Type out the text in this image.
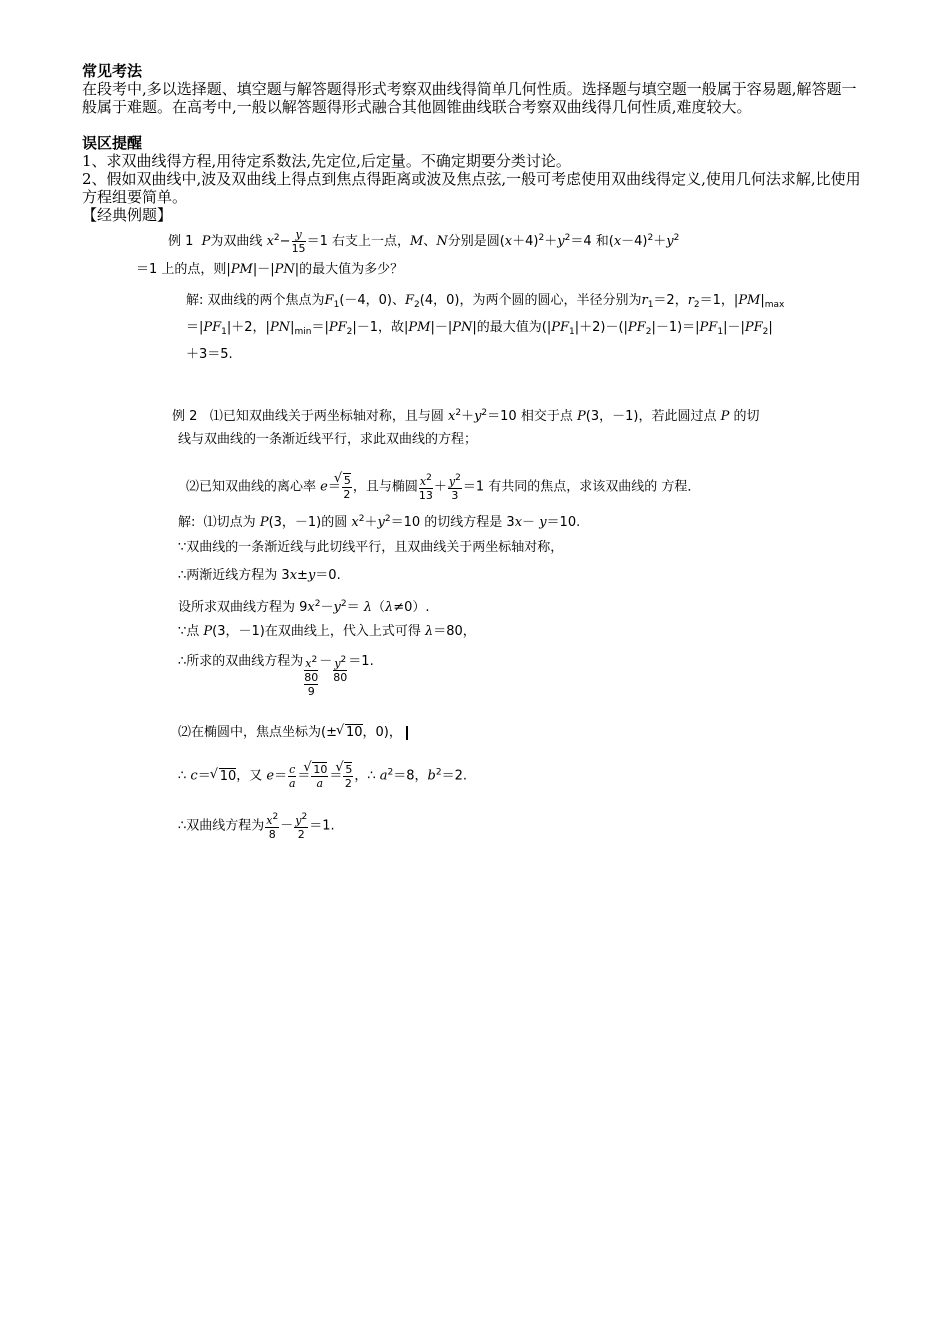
常见考法
在段考中,多以选择题、填空题与解答题得形式考察双曲线得简单几何性质。选择题与填空题一般属于容易题,解答题一般属于难题。在高考中,一般以解答题得形式融合其他圆锥曲线联合考察双曲线得几何性质,难度较大。
误区提醒
1、求双曲线得方程,用待定系数法,先定位,后定量。不确定期要分类讨论。
2、假如双曲线中,波及双曲线上得点到焦点得距离或波及焦点弦,一般可考虑使用双曲线得定义,使用几何法求解,比使用方程组要简单。
【经典例题】
例 1 P为双曲线 $x^2- \frac{y}{15} =1$ 右支上一点，M、N分别是圆$(x+4)^2+y^2=4$ 和$(x-4)^2+y^2$
＝1 上的点，则|PM|－|PN|的最大值为多少？
解: 双曲线的两个焦点为$F_1(-4$，0)、$F_2(4$，0)，为两个圆的圆心，半径分别为$r_1=2$，$r_2=1$，$|PM|_{max}$
$=|PF_1|+2$，$|PN|_{min}=|PF_2|-1$，故|PM|－|PN|的最大值为$(|PF_1|+2)-(|PF_2|-1)=|PF_1|-|PF_2|$
＋3＝5.
例 2 ⑴已知双曲线关于两坐标轴对称，且与圆 $x^2+y^2=10$ 相交于点 P(3，－1)，若此圆过点 P 的切
线与双曲线的一条渐近线平行，求此双曲线的方程；
⑵已知双曲线的离心率 e＝ √ $\frac{5}{2}$ ，且与椭圆 $\frac{x^2}{13} + \frac{y^2}{3} =1$ 有共同的焦点，求该双曲线的 方程．
解: ⑴切点为 P(3，－1)的圆 $x^2+y^2=10$ 的切线方程是 3x－ y＝10.
∵双曲线的一条渐近线与此切线平行，且双曲线关于两坐标轴对称，
∴两渐近线方程为 3x±y＝0.
设所求双曲线方程为 $9x^2-y^2= \lambda(\lambda\ne 0)$.
∵点 P(3，－1)在双曲线上，代入上式可得 λ＝80，
∴所求的双曲线方程为 $x^2$
80
9
－ $\frac{y^2}{80} =1$.
⑵在椭圆中，焦点坐标为(± √ 10，0)，
∴ c＝ √ 10，又 $e= \frac{c}{a}$ ＝ √ $\frac{10}{a}$ ＝ √ $\frac{5}{2}$ ，∴ $a^2=8$，$b^2=2$.
∴双曲线方程为 $\frac{x^2}{8} - \frac{y^2}{2} =1$.
